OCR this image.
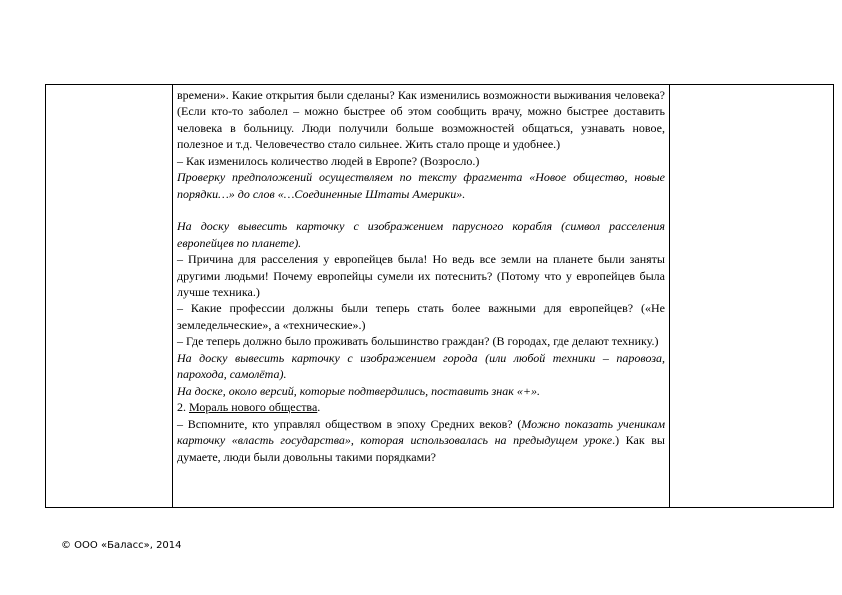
времени». Какие открытия были сделаны? Как изменились возможности выживания человека? (Если кто-то заболел – можно быстрее об этом сообщить врачу, можно быстрее доставить человека в больницу. Люди получили больше возможностей общаться, узнавать новое, полезное и т.д. Человечество стало сильнее. Жить стало проще и удобнее.)

– Как изменилось количество людей в Европе? (Возросло.)

Проверку предположений осуществляем по тексту фрагмента «Новое общество, новые порядки…» до слов «…Соединенные Штаты Америки».

На доску вывесить карточку с изображением парусного корабля (символ расселения европейцев по планете).

– Причина для расселения у европейцев была! Но ведь все земли на планете были заняты другими людьми! Почему европейцы сумели их потеснить? (Потому что у европейцев была лучше техника.)

– Какие профессии должны были теперь стать более важными для европейцев? («Не земледельческие», а «технические».)

– Где теперь должно было проживать большинство граждан? (В городах, где делают технику.)

На доску вывесить карточку с изображением города (или любой техники – паровоза, парохода, самолёта).

На доске, около версий, которые подтвердились, поставить знак «+».

2. Мораль нового общества.

– Вспомните, кто управлял обществом в эпоху Средних веков? (Можно показать ученикам карточку «власть государства», которая использовалась на предыдущем уроке.) Как вы думаете, люди были довольны такими порядками?

© ООО «Баласс», 2014
